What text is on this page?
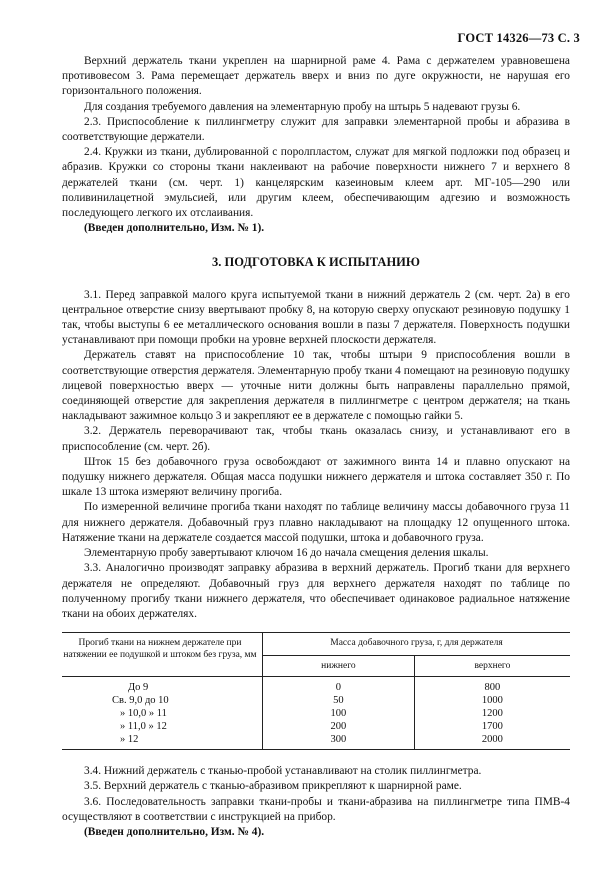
ГОСТ 14326—73 С. 3

Верхний держатель ткани укреплен на шарнирной раме 4. Рама с держателем уравновешена противовесом 3. Рама перемещает держатель вверх и вниз по дуге окружности, не нарушая его горизонтального положения.

Для создания требуемого давления на элементарную пробу на штырь 5 надевают грузы 6.

2.3. Приспособление к пиллингметру служит для заправки элементарной пробы и абразива в соответствующие держатели.

2.4. Кружки из ткани, дублированной с поролпластом, служат для мягкой подложки под образец и абразив. Кружки со стороны ткани наклеивают на рабочие поверхности нижнего 7 и верхнего 8 держателей ткани (см. черт. 1) канцелярским казеиновым клеем арт. МГ-105—290 или поливинилацетной эмульсией, или другим клеем, обеспечивающим адгезию и возможность последующего легкого их отслаивания.

(Введен дополнительно, Изм. № 1).

3. ПОДГОТОВКА К ИСПЫТАНИЮ

3.1. Перед заправкой малого круга испытуемой ткани в нижний держатель 2 (см. черт. 2а) в его центральное отверстие снизу ввертывают пробку 8, на которую сверху опускают резиновую подушку 1 так, чтобы выступы 6 ее металлического основания вошли в пазы 7 держателя. Поверхность подушки устанавливают при помощи пробки на уровне верхней плоскости держателя.

Держатель ставят на приспособление 10 так, чтобы штыри 9 приспособления вошли в соответствующие отверстия держателя. Элементарную пробу ткани 4 помещают на резиновую подушку лицевой поверхностью вверх — уточные нити должны быть направлены параллельно прямой, соединяющей отверстие для закрепления держателя в пиллингметре с центром держателя; на ткань накладывают зажимное кольцо 3 и закрепляют ее в держателе с помощью гайки 5.

3.2. Держатель переворачивают так, чтобы ткань оказалась снизу, и устанавливают его в приспособление (см. черт. 2б).

Шток 15 без добавочного груза освобождают от зажимного винта 14 и плавно опускают на подушку нижнего держателя. Общая масса подушки нижнего держателя и штока составляет 350 г. По шкале 13 штока измеряют величину прогиба.

По измеренной величине прогиба ткани находят по таблице величину массы добавочного груза 11 для нижнего держателя. Добавочный груз плавно накладывают на площадку 12 опущенного штока. Натяжение ткани на держателе создается массой подушки, штока и добавочного груза.

Элементарную пробу завертывают ключом 16 до начала смещения деления шкалы.

3.3. Аналогично производят заправку абразива в верхний держатель. Прогиб ткани для верхнего держателя не определяют. Добавочный груз для верхнего держателя находят по таблице по полученному прогибу ткани нижнего держателя, что обеспечивает одинаковое радиальное натяжение ткани на обоих держателях.

Прогиб ткани на нижнем держателе при натяжении ее подушкой и штоком без груза, мм	Масса добавочного груза, г, для держателя	
	нижнего	верхнего
До 9	0	800
Св. 9,0 до 10	50	1000
» 10,0 » 11	100	1200
» 11,0 » 12	200	1700
» 12	300	2000

3.4. Нижний держатель с тканью-пробой устанавливают на столик пиллингметра.

3.5. Верхний держатель с тканью-абразивом прикрепляют к шарнирной раме.

3.6. Последовательность заправки ткани-пробы и ткани-абразива на пиллингметре типа ПМВ-4 осуществляют в соответствии с инструкцией на прибор.

(Введен дополнительно, Изм. № 4).
